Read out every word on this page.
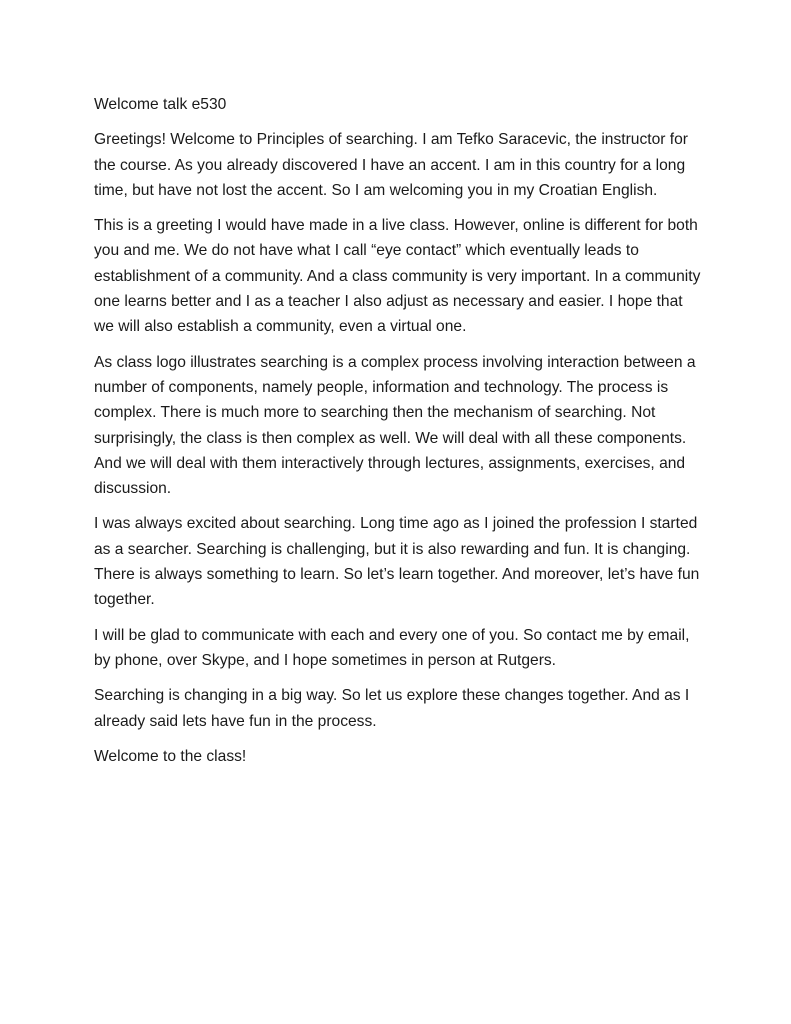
Welcome talk e530

Greetings! Welcome to Principles of searching. I am Tefko Saracevic, the instructor for the course. As you already discovered I have an accent. I am in this country for a long time, but have not lost the accent. So I am welcoming you in my Croatian English.

This is a greeting I would have made in a live class. However, online is different for both you and me. We do not have what I call “eye contact” which eventually leads to establishment of a community. And a class community is very important. In a community one learns better and I as a teacher I also adjust as necessary and easier. I hope that we will also establish a community, even a virtual one.

As class logo illustrates searching is a complex process involving interaction between a number of components, namely people, information and technology. The process is complex. There is much more to searching then the mechanism of searching. Not surprisingly, the class is then complex as well. We will deal with all these components. And we will deal with them interactively through lectures, assignments, exercises, and discussion.

I was always excited about searching. Long time ago as I joined the profession I started as a searcher. Searching is challenging, but it is also rewarding and fun. It is changing. There is always something to learn. So let’s learn together. And moreover, let’s have fun together.

I will be glad to communicate with each and every one of you. So contact me by email, by phone, over Skype, and I hope sometimes in person at Rutgers.

Searching is changing in a big way. So let us explore these changes together. And as I already said lets have fun in the process.

Welcome to the class!
